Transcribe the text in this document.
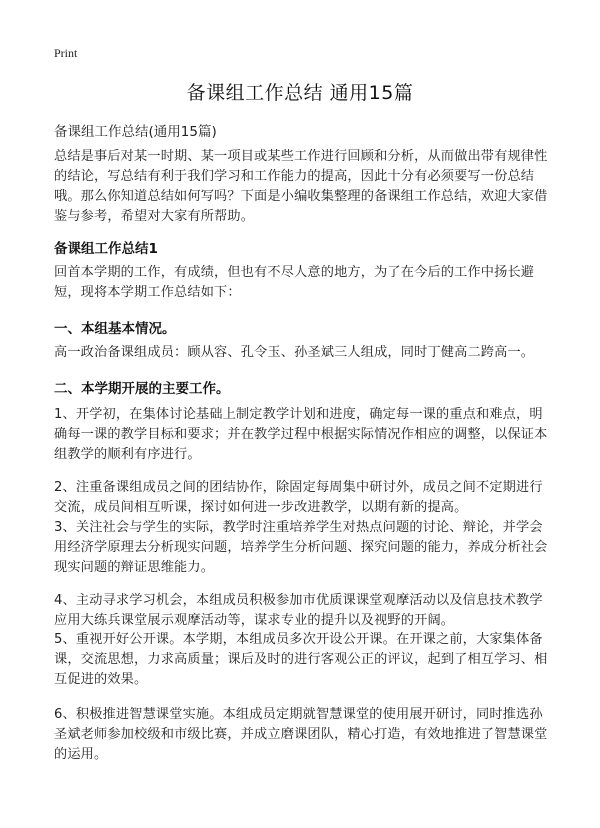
Print
备课组工作总结 通用15篇
备课组工作总结(通用15篇)
总结是事后对某一时期、某一项目或某些工作进行回顾和分析，从而做出带有规律性的结论，写总结有利于我们学习和工作能力的提高，因此十分有必须要写一份总结哦。那么你知道总结如何写吗？下面是小编收集整理的备课组工作总结，欢迎大家借鉴与参考，希望对大家有所帮助。
备课组工作总结1
回首本学期的工作，有成绩，但也有不尽人意的地方，为了在今后的工作中扬长避短，现将本学期工作总结如下：
一、本组基本情况。
高一政治备课组成员：顾从容、孔令玉、孙圣斌三人组成，同时丁健高二跨高一。
二、本学期开展的主要工作。
1、开学初，在集体讨论基础上制定教学计划和进度，确定每一课的重点和难点，明确每一课的教学目标和要求；并在教学过程中根据实际情况作相应的调整，以保证本组教学的顺利有序进行。
2、注重备课组成员之间的团结协作，除固定每周集中研讨外，成员之间不定期进行交流，成员间相互听课，探讨如何进一步改进教学，以期有新的提高。
3、关注社会与学生的实际，教学时注重培养学生对热点问题的讨论、辩论，并学会用经济学原理去分析现实问题，培养学生分析问题、探究问题的能力，养成分析社会现实问题的辩证思维能力。
4、主动寻求学习机会，本组成员积极参加市优质课课堂观摩活动以及信息技术教学应用大练兵课堂展示观摩活动等，谋求专业的提升以及视野的开阔。
5、重视开好公开课。本学期，本组成员多次开设公开课。在开课之前，大家集体备课，交流思想，力求高质量；课后及时的进行客观公正的评议，起到了相互学习、相互促进的效果。
6、积极推进智慧课堂实施。本组成员定期就智慧课堂的使用展开研讨，同时推选孙圣斌老师参加校级和市级比赛，并成立磨课团队，精心打造，有效地推进了智慧课堂的运用。
